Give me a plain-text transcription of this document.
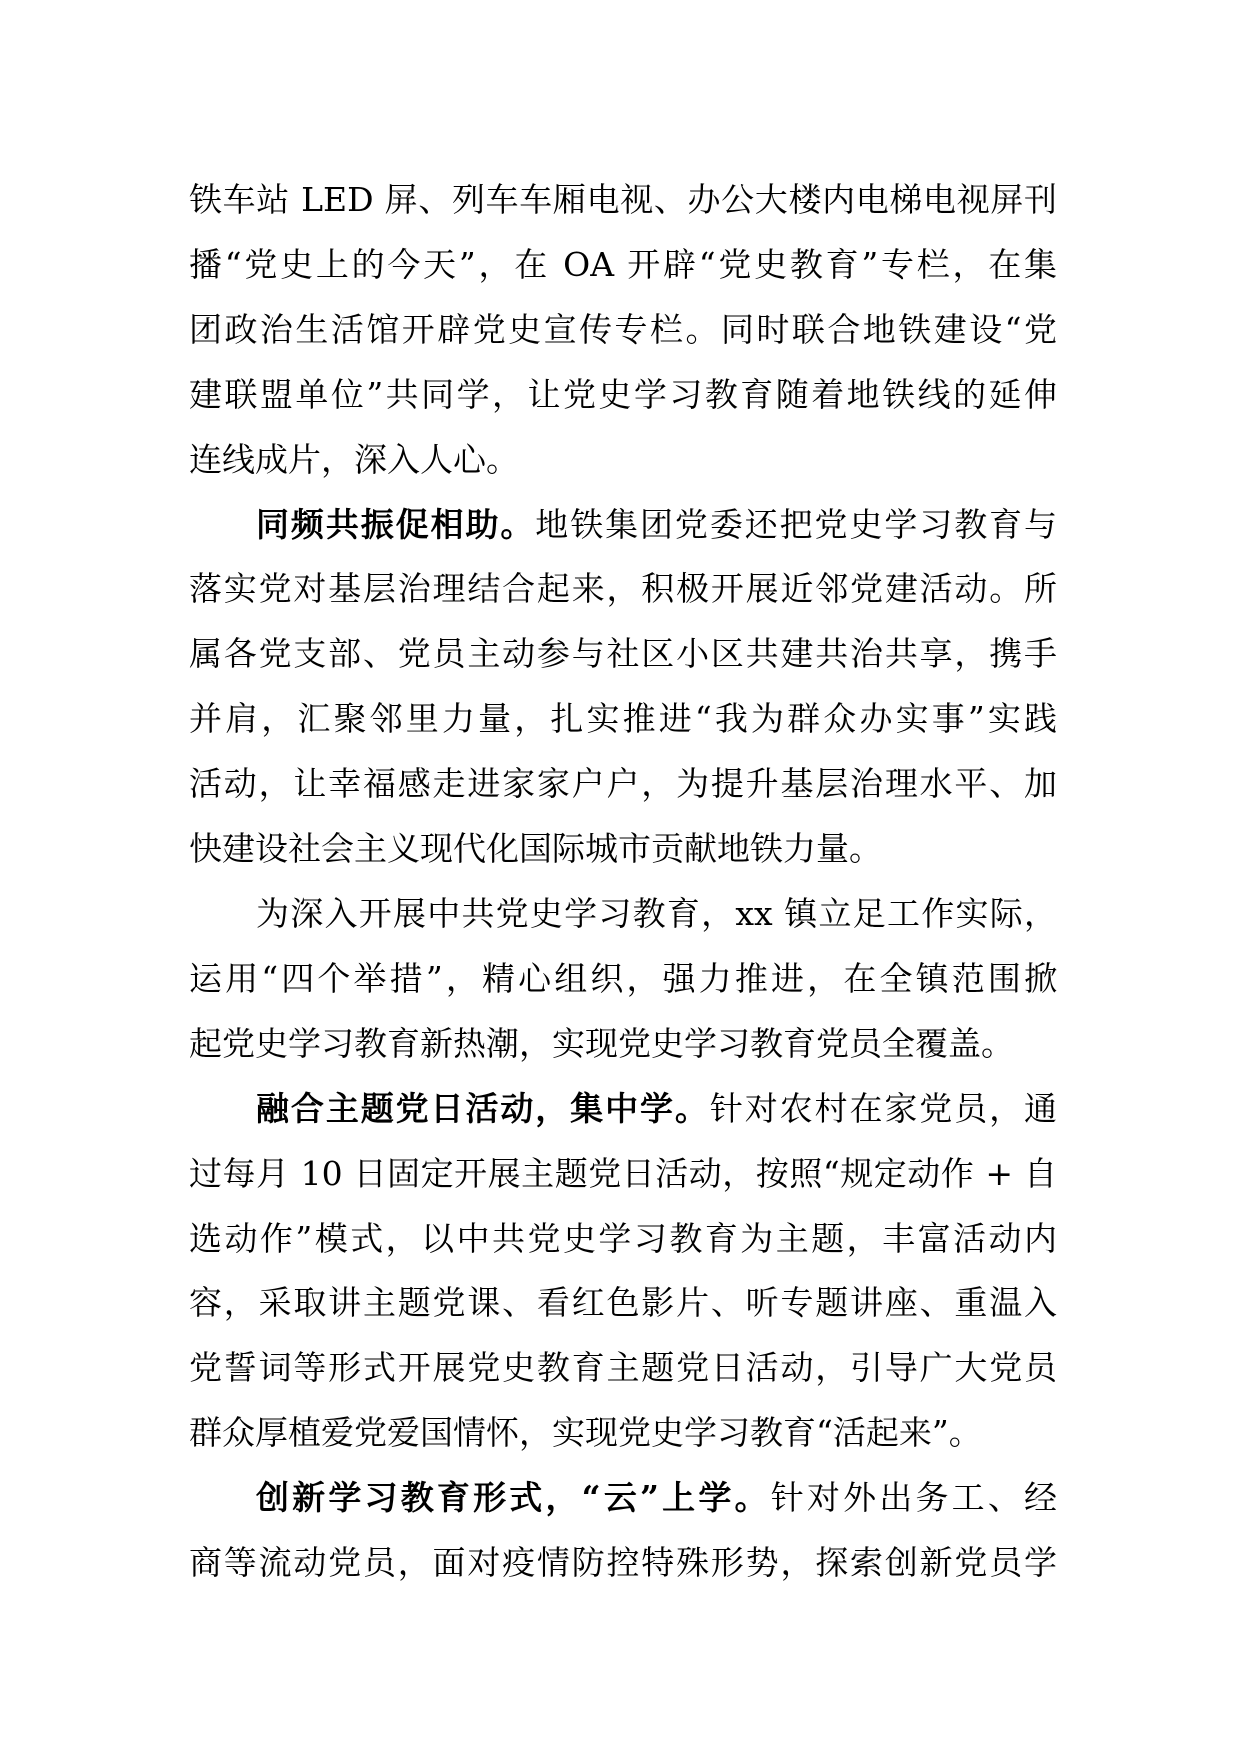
铁车站 LED 屏、列车车厢电视、办公大楼内电梯电视屏刊
播“党史上的今天”，在 OA 开辟“党史教育”专栏，在集
团政治生活馆开辟党史宣传专栏。同时联合地铁建设“党
建联盟单位”共同学，让党史学习教育随着地铁线的延伸
连线成片，深入人心。
同频共振促相助。地铁集团党委还把党史学习教育与
落实党对基层治理结合起来，积极开展近邻党建活动。所
属各党支部、党员主动参与社区小区共建共治共享，携手
并肩，汇聚邻里力量，扎实推进“我为群众办实事”实践
活动，让幸福感走进家家户户，为提升基层治理水平、加
快建设社会主义现代化国际城市贡献地铁力量。
为深入开展中共党史学习教育，xx 镇立足工作实际，
运用“四个举措”，精心组织，强力推进，在全镇范围掀
起党史学习教育新热潮，实现党史学习教育党员全覆盖。
融合主题党日活动，集中学。针对农村在家党员，通
过每月 10 日固定开展主题党日活动，按照“规定动作 + 自
选动作”模式，以中共党史学习教育为主题，丰富活动内
容，采取讲主题党课、看红色影片、听专题讲座、重温入
党誓词等形式开展党史教育主题党日活动，引导广大党员
群众厚植爱党爱国情怀，实现党史学习教育“活起来”。
创新学习教育形式，“云”上学。针对外出务工、经
商等流动党员，面对疫情防控特殊形势，探索创新党员学
